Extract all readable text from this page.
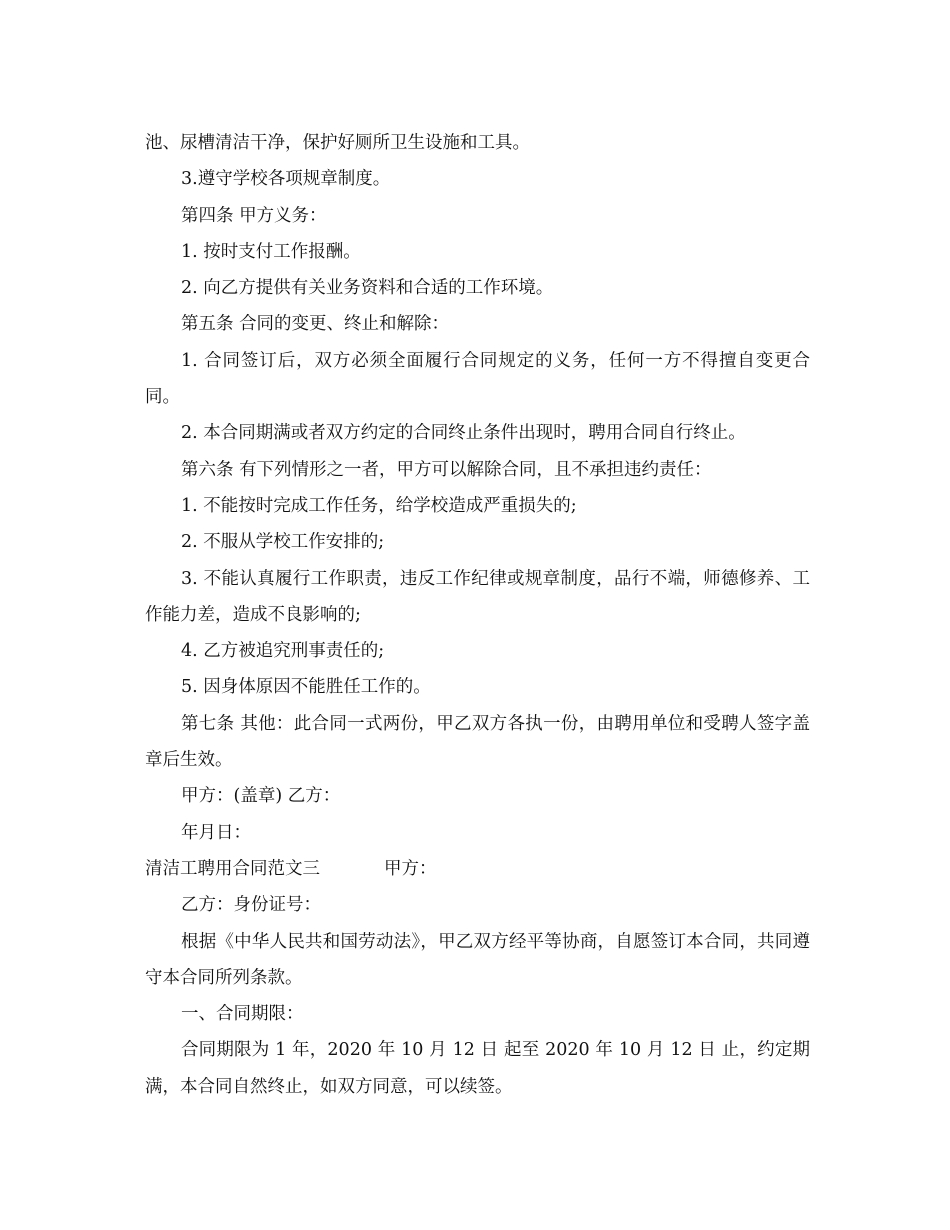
池、尿槽清洁干净，保护好厕所卫生设施和工具。

3.遵守学校各项规章制度。

第四条 甲方义务：

1. 按时支付工作报酬。

2. 向乙方提供有关业务资料和合适的工作环境。

第五条 合同的变更、终止和解除：

1. 合同签订后，双方必须全面履行合同规定的义务，任何一方不得擅自变更合同。

2. 本合同期满或者双方约定的合同终止条件出现时，聘用合同自行终止。

第六条 有下列情形之一者，甲方可以解除合同，且不承担违约责任：

1. 不能按时完成工作任务，给学校造成严重损失的;

2. 不服从学校工作安排的;

3. 不能认真履行工作职责，违反工作纪律或规章制度，品行不端，师德修养、工作能力差，造成不良影响的;

4. 乙方被追究刑事责任的;

5. 因身体原因不能胜任工作的。

第七条 其他：此合同一式两份，甲乙双方各执一份，由聘用单位和受聘人签字盖章后生效。

甲方：(盖章) 乙方：

年月日：

清洁工聘用合同范文三	甲方：

乙方：身份证号：

根据《中华人民共和国劳动法》，甲乙双方经平等协商，自愿签订本合同，共同遵守本合同所列条款。

一、合同期限：

合同期限为 1 年，2020 年 10 月 12 日 起至 2020 年 10 月 12 日 止，约定期满，本合同自然终止，如双方同意，可以续签。
